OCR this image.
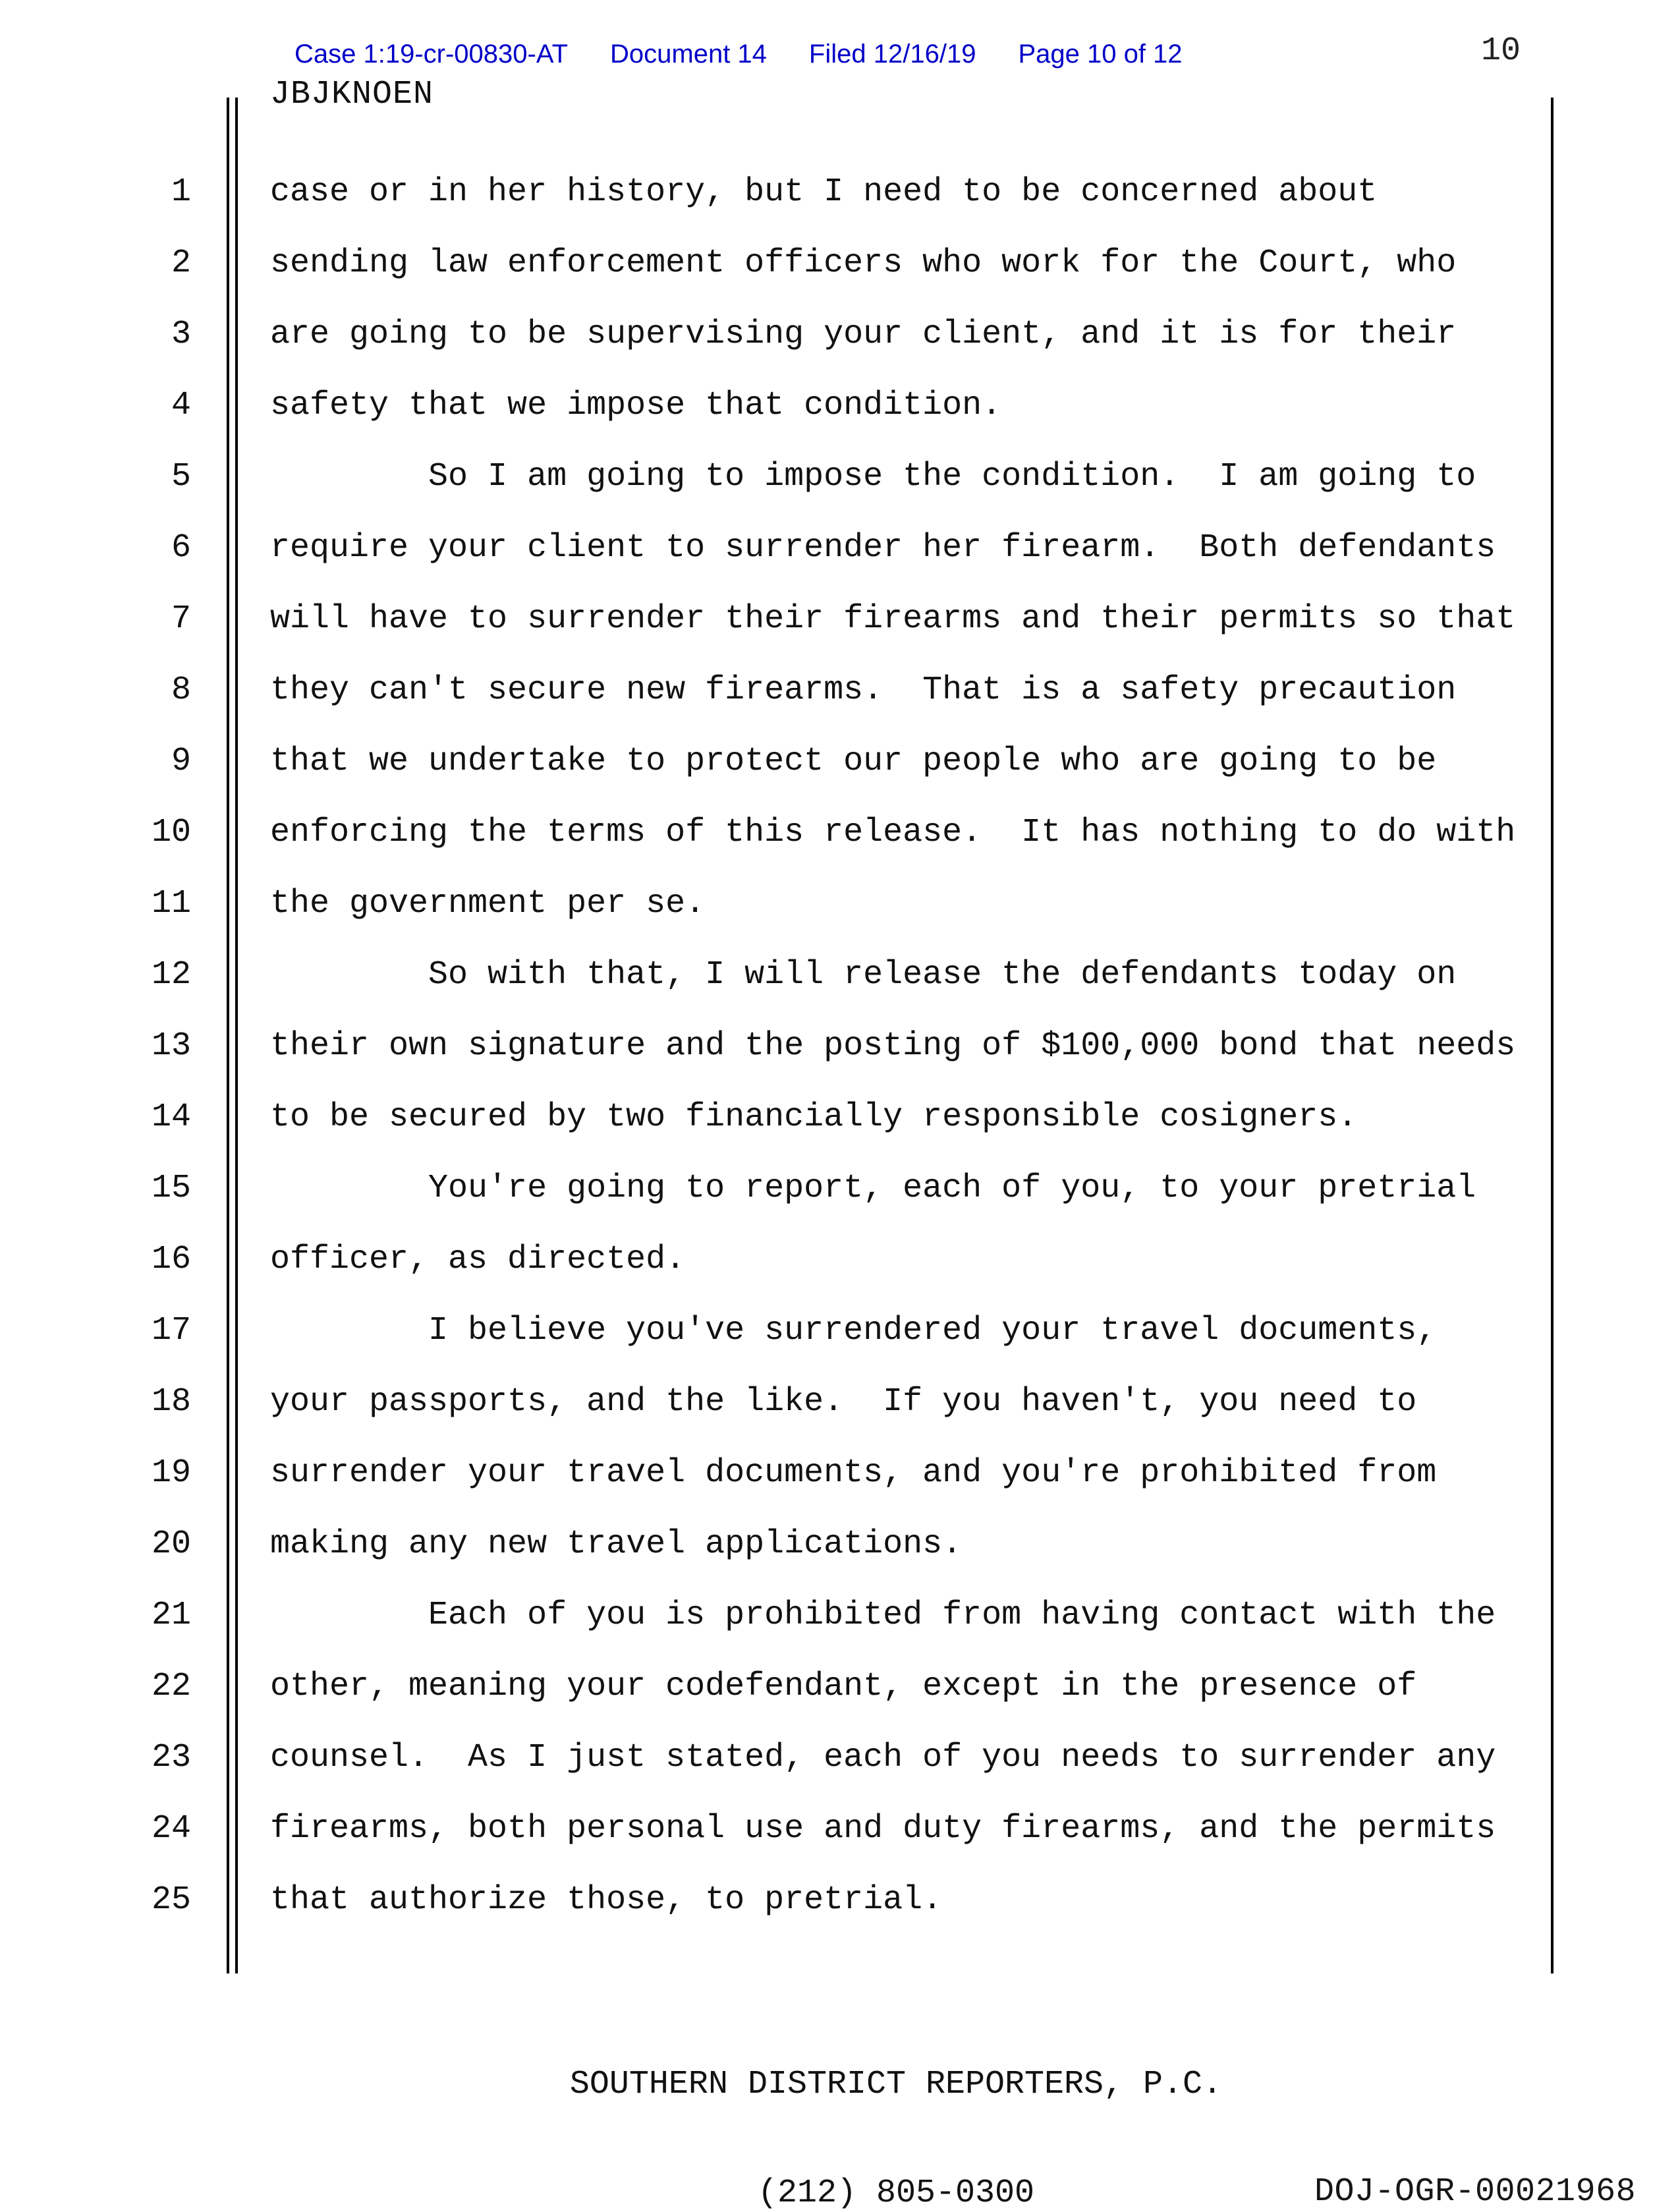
Case 1:19-cr-00830-AT Document 14 Filed 12/16/19 Page 10 of 12	10
JBJKNOEN
1 case or in her history, but I need to be concerned about
2 sending law enforcement officers who work for the Court, who
3 are going to be supervising your client, and it is for their
4 safety that we impose that condition.
5 So I am going to impose the condition.  I am going to
6 require your client to surrender her firearm.  Both defendants
7 will have to surrender their firearms and their permits so that
8 they can't secure new firearms.  That is a safety precaution
9 that we undertake to protect our people who are going to be
10 enforcing the terms of this release.  It has nothing to do with
11 the government per se.
12 So with that, I will release the defendants today on
13 their own signature and the posting of $100,000 bond that needs
14 to be secured by two financially responsible cosigners.
15 You're going to report, each of you, to your pretrial
16 officer, as directed.
17 I believe you've surrendered your travel documents,
18 your passports, and the like.  If you haven't, you need to
19 surrender your travel documents, and you're prohibited from
20 making any new travel applications.
21 Each of you is prohibited from having contact with the
22 other, meaning your codefendant, except in the presence of
23 counsel.  As I just stated, each of you needs to surrender any
24 firearms, both personal use and duty firearms, and the permits
25 that authorize those, to pretrial.

SOUTHERN DISTRICT REPORTERS, P.C.

(212) 805-0300

	DOJ-OGR-00021968
